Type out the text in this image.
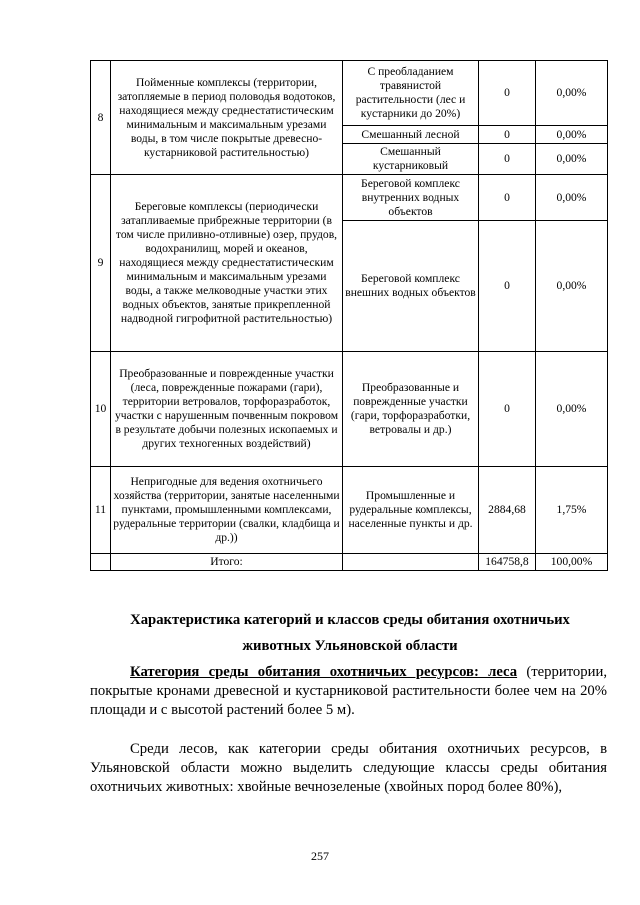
8	Пойменные комплексы (территории, затопляемые в период половодья водотоков, находящиеся между среднестатистическим минимальным и максимальным урезами воды, в том числе покрытые древесно-кустарниковой растительностью)	С преобладанием травянистой растительности (лес и кустарники до 20%)	0	0,00%
		Смешанный лесной	0	0,00%
		Смешанный кустарниковый	0	0,00%
9	Береговые комплексы (периодически затапливаемые прибрежные территории (в том числе приливно-отливные) озер, прудов, водохранилищ, морей и океанов, находящиеся между среднестатистическим минимальным и максимальным урезами воды, а также мелководные участки этих водных объектов, занятые прикрепленной надводной гигрофитной растительностью)	Береговой комплекс внутренних водных объектов	0	0,00%
		Береговой комплекс внешних водных объектов	0	0,00%
10	Преобразованные и поврежденные участки (леса, поврежденные пожарами (гари), территории ветровалов, торфоразработок, участки с нарушенным почвенным покровом в результате добычи полезных ископаемых и других техногенных воздействий)	Преобразованные и поврежденные участки (гари, торфоразработки, ветровалы и др.)	0	0,00%
11	Непригодные для ведения охотничьего хозяйства (территории, занятые населенными пунктами, промышленными комплексами, рудеральные территории (свалки, кладбища и др.))	Промышленные и рудеральные комплексы, населенные пункты и др.	2884,68	1,75%
	Итого:		164758,8	100,00%
Характеристика категорий и классов среды обитания охотничьих
животных Ульяновской области
Категория среды обитания охотничьих ресурсов: леса (территории, покрытые кронами древесной и кустарниковой растительности более чем на 20% площади и с высотой растений более 5 м).
Среди лесов, как категории среды обитания охотничьих ресурсов, в Ульяновской области можно выделить следующие классы среды обитания охотничьих животных: хвойные вечнозеленые (хвойных пород более 80%),
257
